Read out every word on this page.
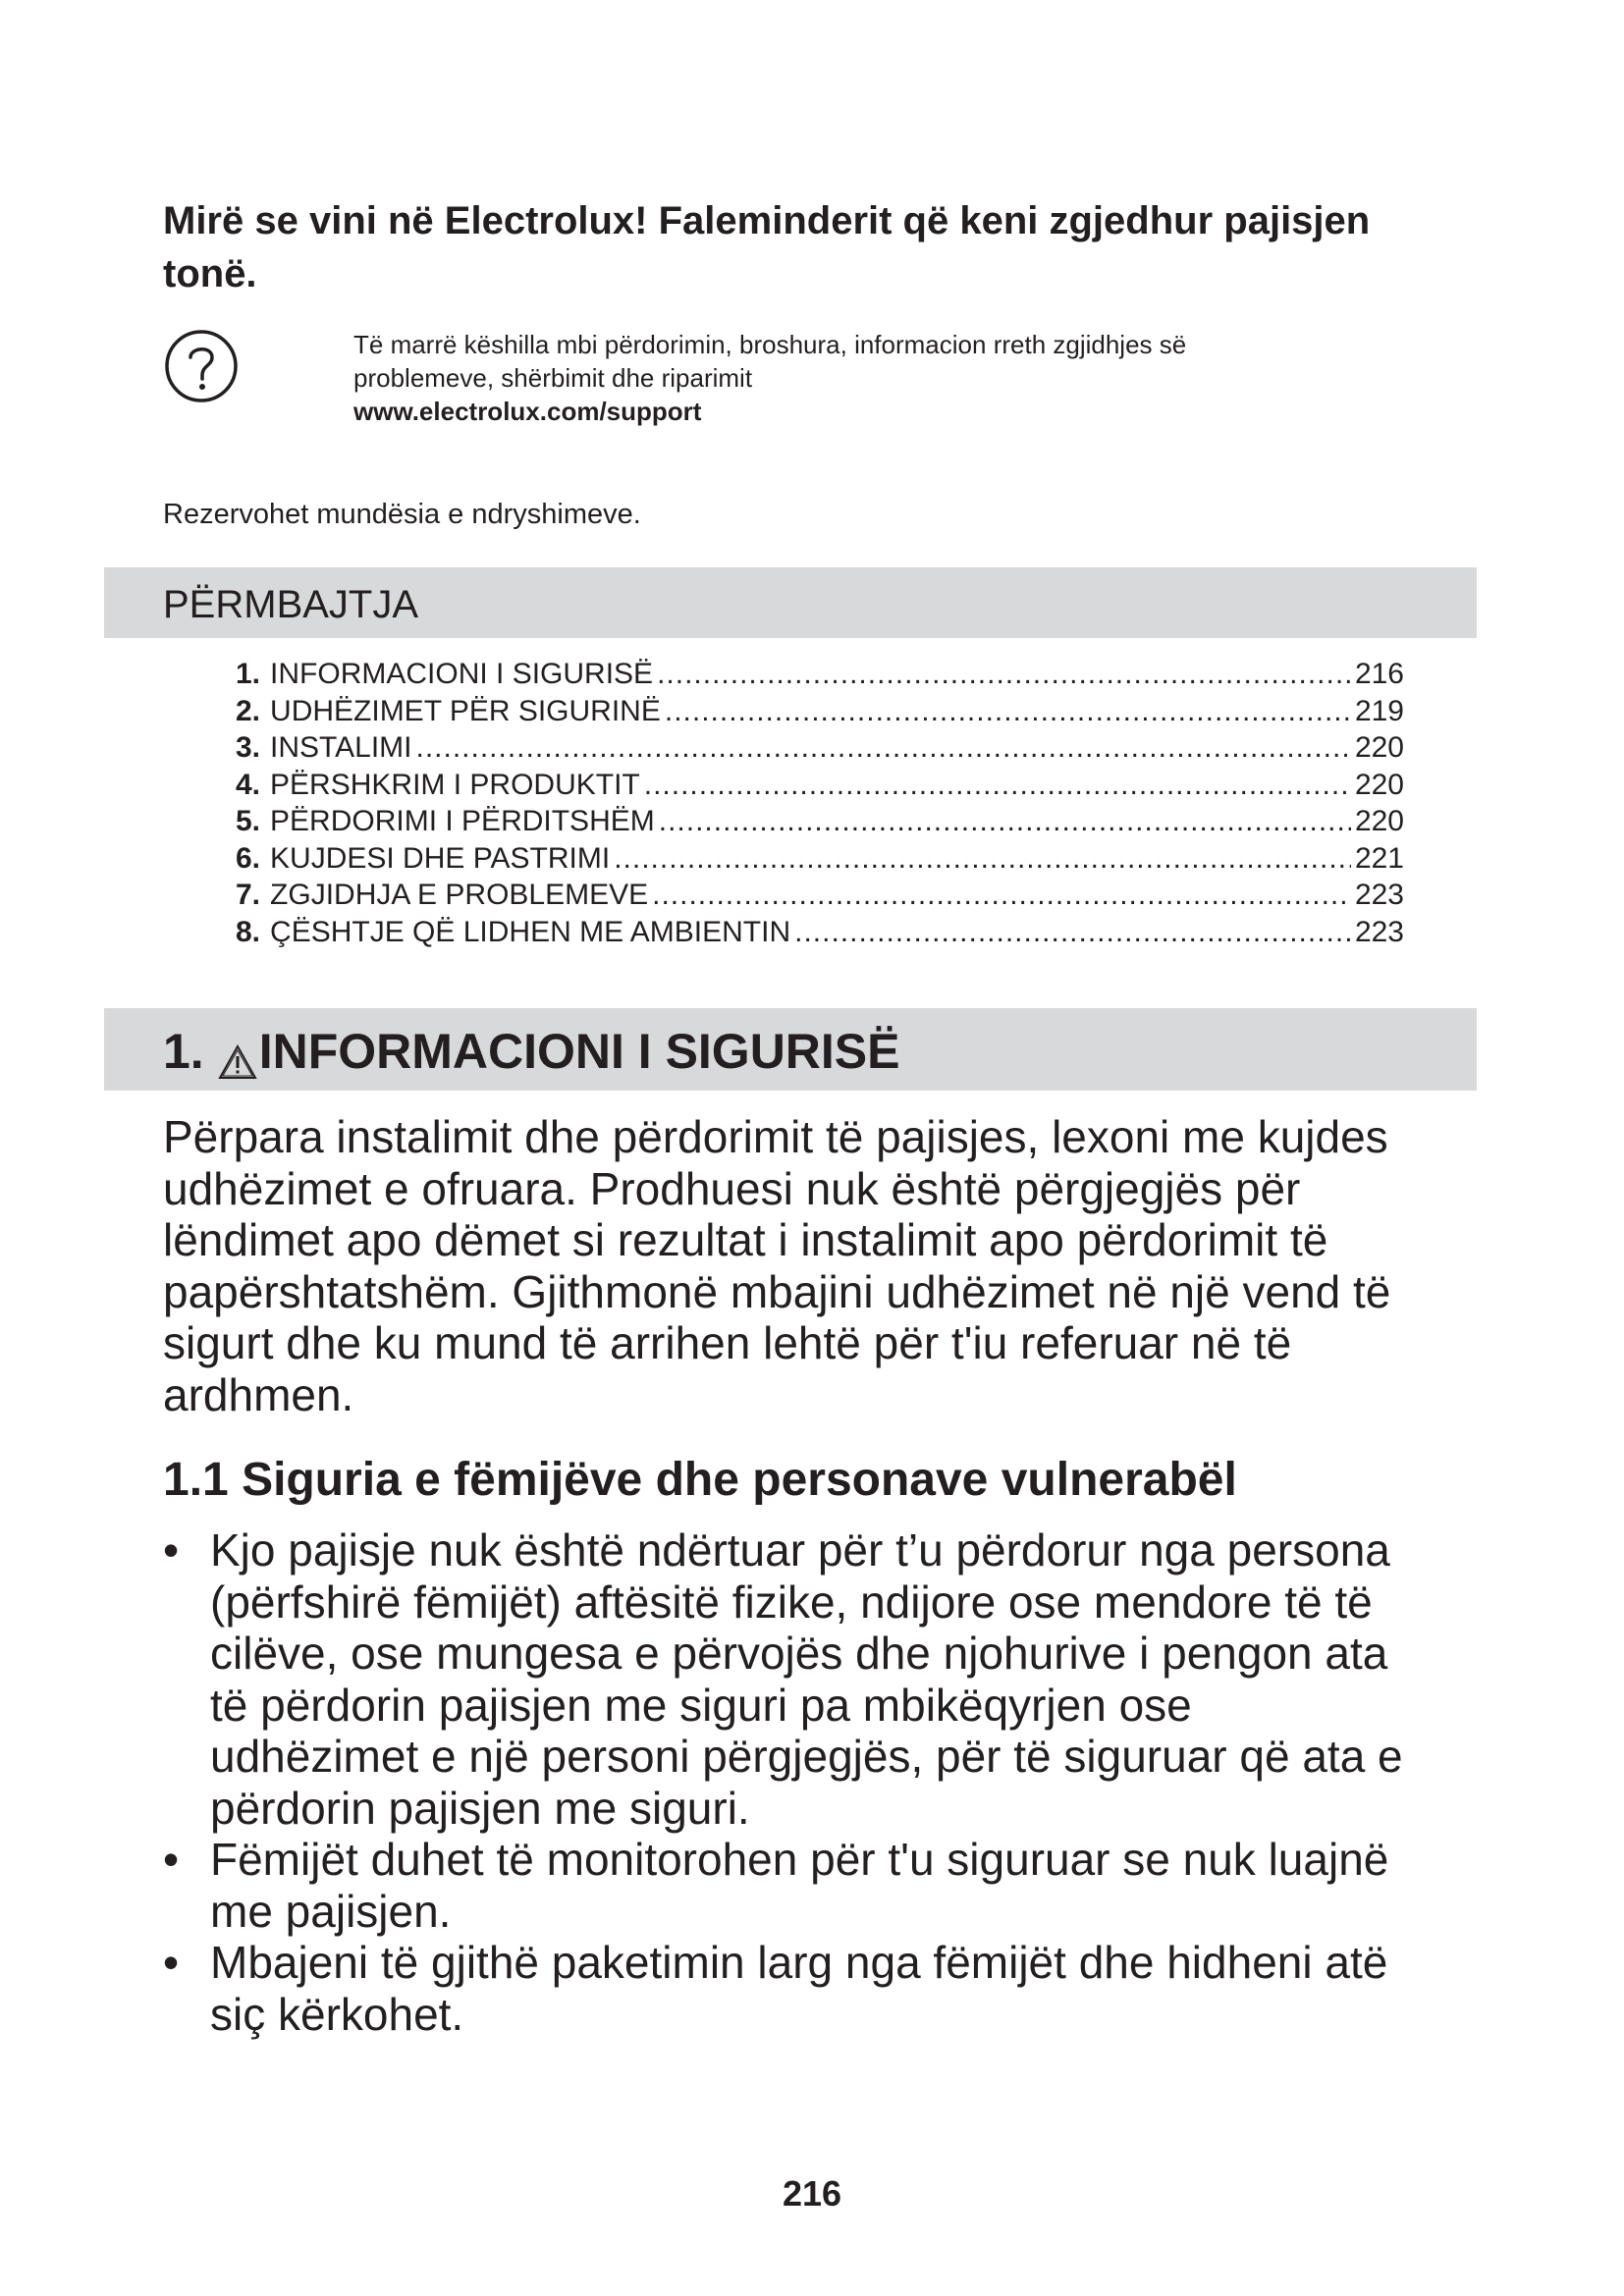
Mirë se vini në Electrolux! Faleminderit që keni zgjedhur pajisjen
tonë.
Të marrë këshilla mbi përdorimin, broshura, informacion rreth zgjidhjes së
problemeve, shërbimit dhe riparimit
www.electrolux.com/support
Rezervohet mundësia e ndryshimeve.
PËRMBAJTJA
1. INFORMACIONI I SIGURISË .....	216
2. UDHËZIMET PËR SIGURINË .....	219
3. INSTALIMI .....	220
4. PËRSHKRIM I PRODUKTIT .....	220
5. PËRDORIMI I PËRDITSHËM .....	220
6. KUJDESI DHE PASTRIMI .....	221
7. ZGJIDHJA E PROBLEMEVE .....	223
8. ÇËSHTJE QË LIDHEN ME AMBIENTIN .....	223
1. INFORMACIONI I SIGURISË
Përpara instalimit dhe përdorimit të pajisjes, lexoni me kujdes
udhëzimet e ofruara. Prodhuesi nuk është përgjegjës për
lëndimet apo dëmet si rezultat i instalimit apo përdorimit të
papërshtatshëm. Gjithmonë mbajini udhëzimet në një vend të
sigurt dhe ku mund të arrihen lehtë për t'iu referuar në të
ardhmen.
1.1 Siguria e fëmijëve dhe personave vulnerabël
• Kjo pajisje nuk është ndërtuar për t’u përdorur nga persona
(përfshirë fëmijët) aftësitë fizike, ndijore ose mendore të të
cilëve, ose mungesa e përvojës dhe njohurive i pengon ata
të përdorin pajisjen me siguri pa mbikëqyrjen ose
udhëzimet e një personi përgjegjës, për të siguruar që ata e
përdorin pajisjen me siguri.
• Fëmijët duhet të monitorohen për t'u siguruar se nuk luajnë
me pajisjen.
• Mbajeni të gjithë paketimin larg nga fëmijët dhe hidheni atë
siç kërkohet.
216
